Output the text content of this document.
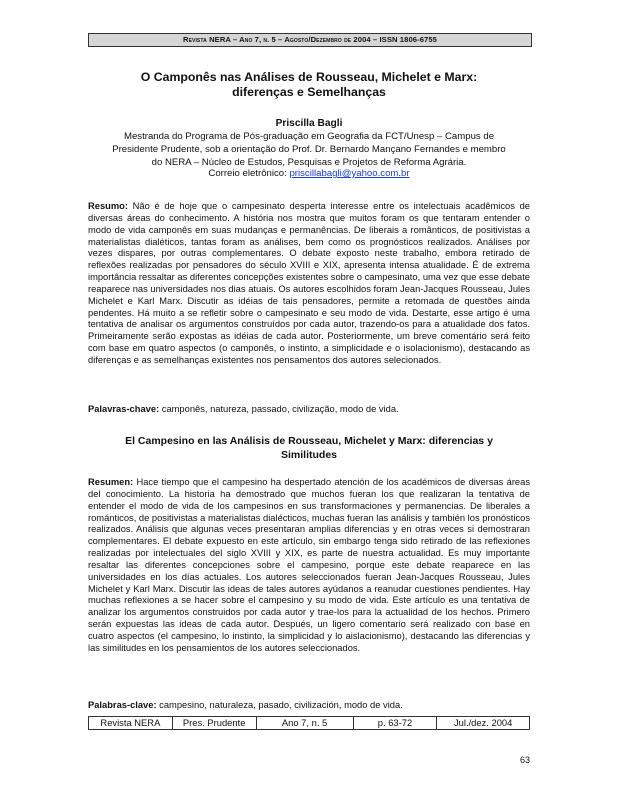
Revista NERA – Ano 7, n. 5 – Agosto/Dezembro de 2004 – ISSN 1806-6755
O Camponês nas Análises de Rousseau, Michelet e Marx:
diferenças e Semelhanças
Priscilla Bagli
Mestranda do Programa de Pós-graduação em Geografia da FCT/Unesp – Campus de Presidente Prudente, sob a orientação do Prof. Dr. Bernardo Mançano Fernandes e membro do NERA – Núcleo de Estudos, Pesquisas e Projetos de Reforma Agrária.
Correio eletrônico: priscillabagli@yahoo.com.br

Resumo: Não é de hoje que o campesinato desperta interesse entre os intelectuais acadêmicos de diversas áreas do conhecimento. A história nos mostra que muitos foram os que tentaram entender o modo de vida camponês em suas mudanças e permanências. De liberais a românticos, de positivistas a materialistas dialéticos, tantas foram as análises, bem como os prognósticos realizados. Análises por vezes dispares, por outras complementares. O debate exposto neste trabalho, embora retirado de reflexões realizadas por pensadores do século XVIII e XIX, apresenta intensa atualidade. É de extrema importância ressaltar as diferentes concepções existentes sobre o campesinato, uma vez que esse debate reaparece nas universidades nos dias atuais. Os autores escolhidos foram Jean-Jacques Rousseau, Jules Michelet e Karl Marx. Discutir as idéias de tais pensadores, permite a retomada de questões ainda pendentes. Há muito a se refletir sobre o campesinato e seu modo de vida. Destarte, esse artigo é uma tentativa de analisar os argumentos construídos por cada autor, trazendo-os para a atualidade dos fatos. Primeiramente serão expostas as idéias de cada autor. Posteriormente, um breve comentário será feito com base em quatro aspectos (o camponês, o instinto, a simplicidade e o isolacionismo), destacando as diferenças e as semelhanças existentes nos pensamentos dos autores selecionados.

Palavras-chave: camponês, natureza, passado, civilização, modo de vida.
El Campesino en las Análisis de Rousseau, Michelet y Marx: diferencias y
Similitudes

Resumen: Hace tiempo que el campesino ha despertado atención de los académicos de diversas áreas del conocimiento. La historia ha demostrado que muchos fueran los que realizaran la tentativa de entender el modo de vida de los campesinos en sus transformaciones y permanencias. De liberales a románticos, de positivistas a materialistas dialécticos, muchas fueran las análisis y también los pronósticos realizados. Análisis que algunas veces presentaran amplias diferencias y en otras veces si demostraran complementares. El debate expuesto en este artículo, sin embargo tenga sido retirado de las reflexiones realizadas por intelectuales del siglo XVIII y XIX, es parte de nuestra actualidad. Es muy importante resaltar las diferentes concepciones sobre el campesino, porque este debate reaparece en las universidades en los días actuales. Los autores seleccionados fueran Jean-Jacques Rousseau, Jules Michelet y Karl Marx. Discutir las ideas de tales autores ayúdanos a reanudar cuestiones pendientes. Hay muchas reflexiones a se hacer sobre el campesino y su modo de vida. Este artículo es una tentativa de analizar los argumentos construidos por cada autor y trae-los para la actualidad de los hechos. Primero serán expuestas las ideas de cada autor. Después, un ligero comentario será realizado con base en cuatro aspectos (el campesino, lo instinto, la simplicidad y lo aislacionismo), destacando las diferencias y las similitudes en los pensamientos de los autores seleccionados.

Palabras-clave: campesino, naturaleza, pasado, civilización, modo de vida.
Revista NERA	Pres. Prudente	Ano 7, n. 5	p. 63-72	Jul./dez. 2004
63
